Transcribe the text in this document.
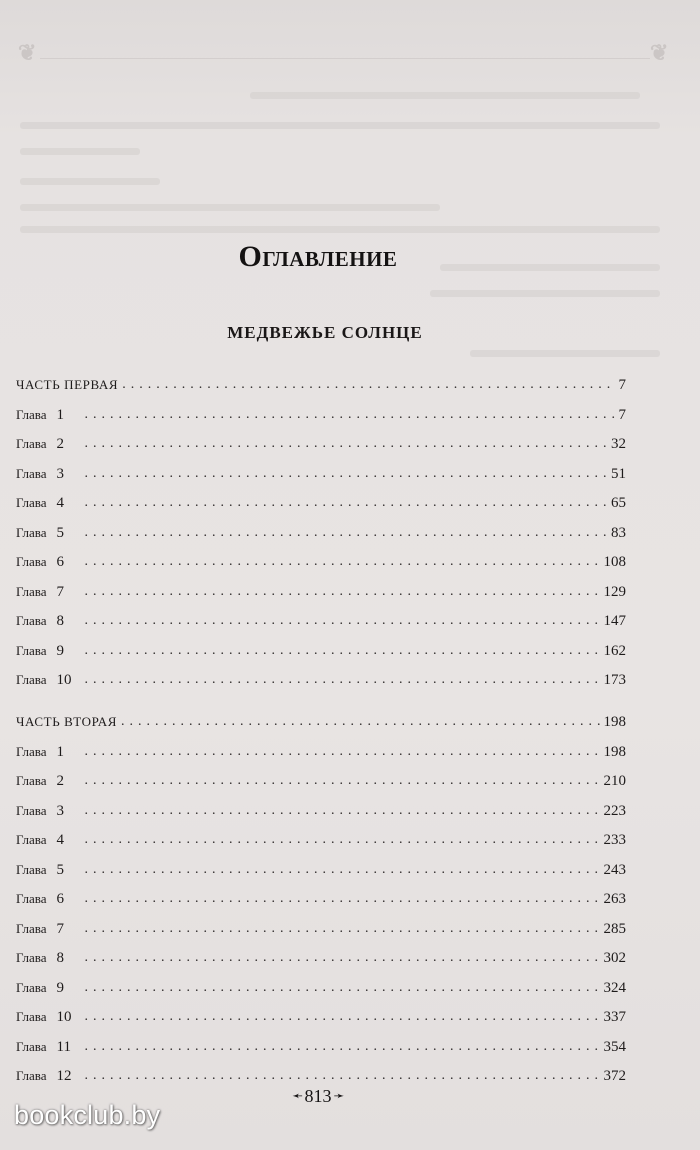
❦	❦
Оглавление
МЕДВЕЖЬЕ СОЛНЦЕ
ЧАСТЬ ПЕРВАЯ . . .	7
Глава 1 . . .	7
Глава 2 . . .	32
Глава 3 . . .	51
Глава 4 . . .	65
Глава 5 . . .	83
Глава 6 . . .	108
Глава 7 . . .	129
Глава 8 . . .	147
Глава 9 . . .	162
Глава 10 . . .	173
ЧАСТЬ ВТОРАЯ . . .	198
Глава 1 . . .	198
Глава 2 . . .	210
Глава 3 . . .	223
Глава 4 . . .	233
Глава 5 . . .	243
Глава 6 . . .	263
Глава 7 . . .	285
Глава 8 . . .	302
Глава 9 . . .	324
Глава 10 . . .	337
Глава 11 . . .	354
Глава 12 . . .	372
➛ 813 ➛
bookclub.by
